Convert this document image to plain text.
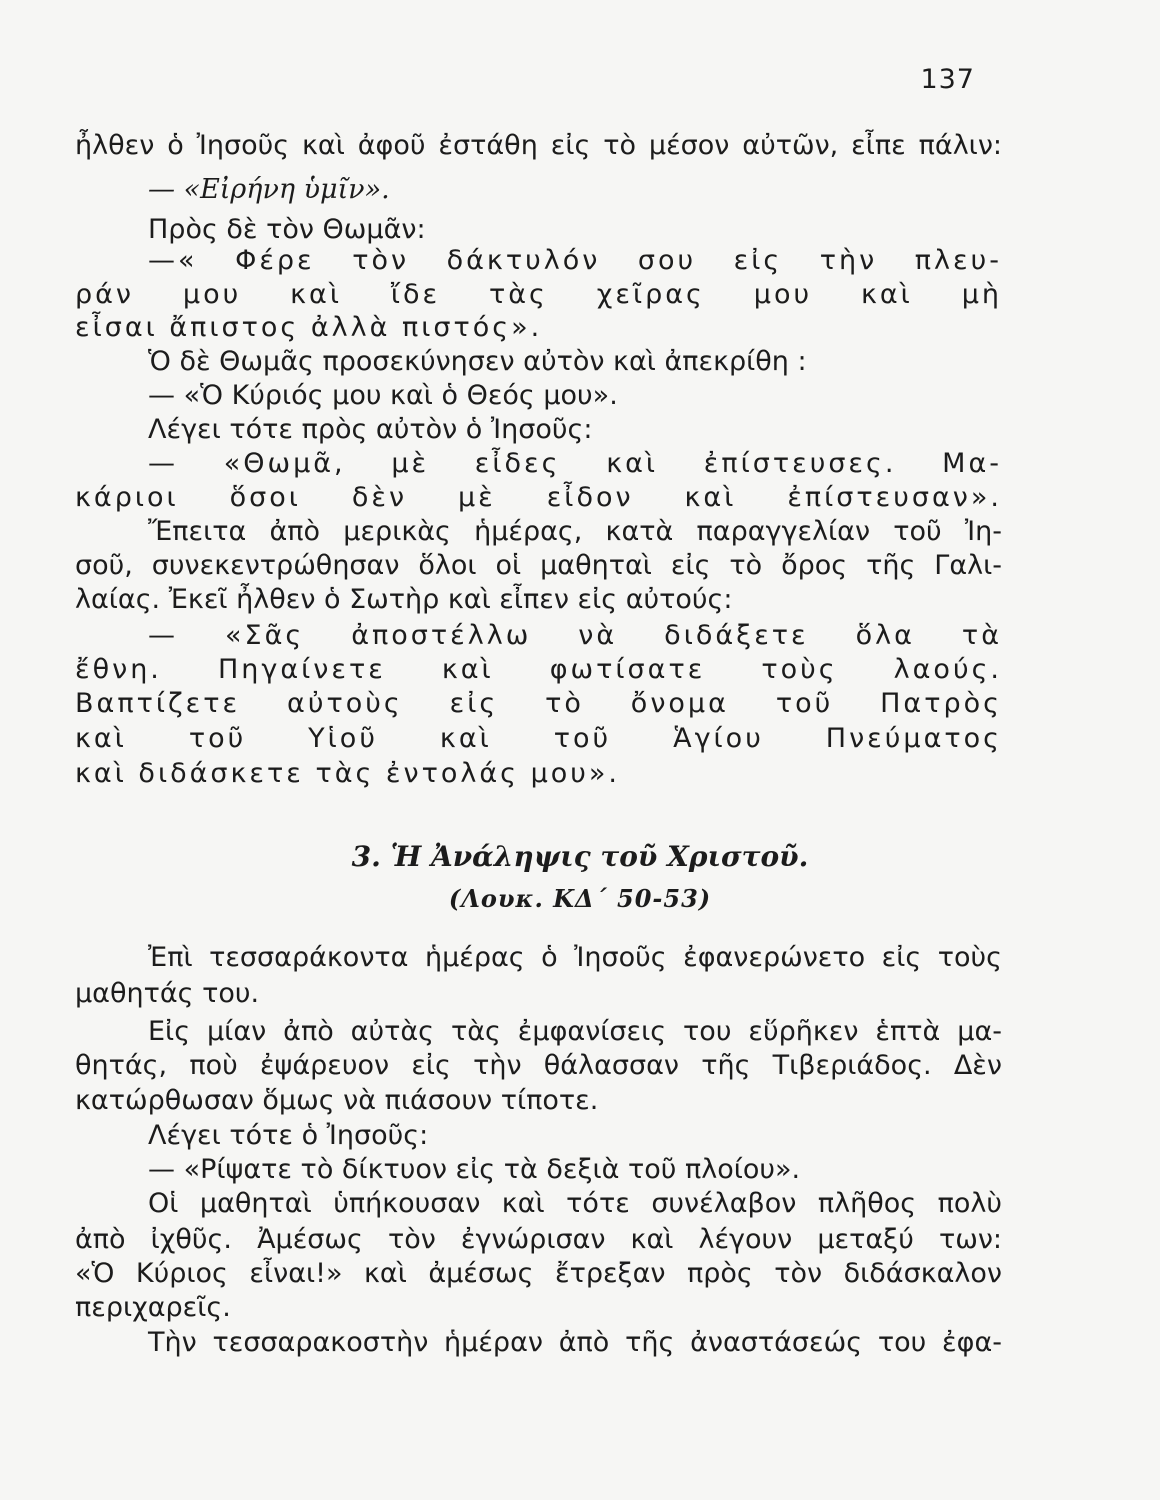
137
ἦλθεν ὁ Ἰησοῦς καὶ ἀφοῦ ἐστάθη εἰς τὸ μέσον αὐτῶν, εἶπε πάλιν:
— «Εἰρήνη ὑμῖν».
Πρὸς δὲ τὸν Θωμᾶν:
—« Φέρε τὸν δάκτυλόν σου εἰς τὴν πλευ-
ράν μου καὶ ἴδε τὰς χεῖρας μου καὶ μὴ
εἶσαι ἄπιστος ἀλλὰ πιστός».
Ὁ δὲ Θωμᾶς προσεκύνησεν αὐτὸν καὶ ἀπεκρίθη :
— «Ὁ Κύριός μου καὶ ὁ Θεός μου».
Λέγει τότε πρὸς αὐτὸν ὁ Ἰησοῦς:
— «Θωμᾶ, μὲ εἶδες καὶ ἐπίστευσες. Μα-
κάριοι ὅσοι δὲν μὲ εἶδον καὶ ἐπίστευσαν».
Ἔπειτα ἀπὸ μερικὰς ἡμέρας, κατὰ παραγγελίαν τοῦ Ἰη-
σοῦ, συνεκεντρώθησαν ὅλοι οἱ μαθηταὶ εἰς τὸ ὄρος τῆς Γαλι-
λαίας. Ἐκεῖ ἦλθεν ὁ Σωτὴρ καὶ εἶπεν εἰς αὐτούς:
— «Σᾶς ἀποστέλλω νὰ διδάξετε ὅλα τὰ
ἔθνη. Πηγαίνετε καὶ φωτίσατε τοὺς λαούς.
Βαπτίζετε αὐτοὺς εἰς τὸ ὄνομα τοῦ Πατρὸς
καὶ τοῦ Υἱοῦ καὶ τοῦ Ἁγίου Πνεύματος
καὶ διδάσκετε τὰς ἐντολάς μου».
3. Ἡ Ἀνάληψις τοῦ Χριστοῦ.
(Λουκ. ΚΔ΄ 50-53)
Ἐπὶ τεσσαράκοντα ἡμέρας ὁ Ἰησοῦς ἐφανερώνετο εἰς τοὺς
μαθητάς του.
Εἰς μίαν ἀπὸ αὐτὰς τὰς ἐμφανίσεις του εὕρῆκεν ἑπτὰ μα-
θητάς, ποὺ ἐψάρευον εἰς τὴν θάλασσαν τῆς Τιβεριάδος. Δὲν
κατώρθωσαν ὅμως νὰ πιάσουν τίποτε.
Λέγει τότε ὁ Ἰησοῦς:
— «Ρίψατε τὸ δίκτυον εἰς τὰ δεξιὰ τοῦ πλοίου».
Οἱ μαθηταὶ ὑπήκουσαν καὶ τότε συνέλαβον πλῆθος πολὺ
ἀπὸ ἰχθῦς. Ἀμέσως τὸν ἐγνώρισαν καὶ λέγουν μεταξύ των:
«Ὁ Κύριος εἶναι!» καὶ ἀμέσως ἔτρεξαν πρὸς τὸν διδάσκαλον
περιχαρεῖς.
Τὴν τεσσαρακοστὴν ἡμέραν ἀπὸ τῆς ἀναστάσεώς του ἐφα-
